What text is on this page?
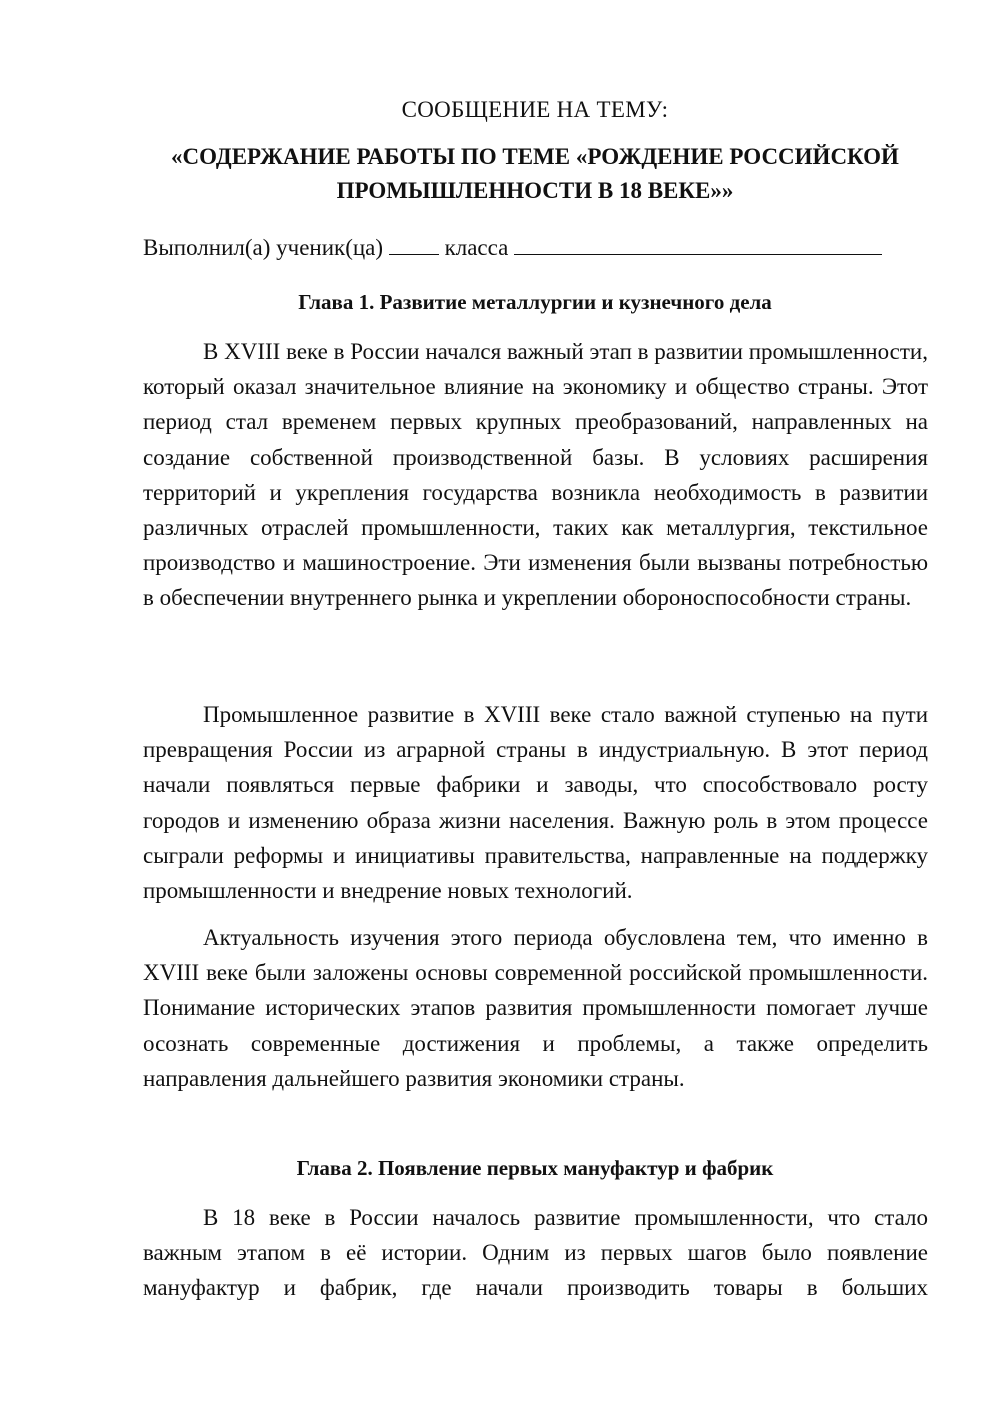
СООБЩЕНИЕ НА ТЕМУ:
«СОДЕРЖАНИЕ РАБОТЫ ПО ТЕМЕ «РОЖДЕНИЕ РОССИЙСКОЙ ПРОМЫШЛЕННОСТИ В 18 ВЕКЕ»»
Выполнил(а) ученик(ца)	класса
Глава 1. Развитие металлургии и кузнечного дела

В XVIII веке в России начался важный этап в развитии промышленности, который оказал значительное влияние на экономику и общество страны. Этот период стал временем первых крупных преобразований, направленных на создание собственной производственной базы. В условиях расширения территорий и укрепления государства возникла необходимость в развитии различных отраслей промышленности, таких как металлургия, текстильное производство и машиностроение. Эти изменения были вызваны потребностью в обеспечении внутреннего рынка и укреплении обороноспособности страны.

Промышленное развитие в XVIII веке стало важной ступенью на пути превращения России из аграрной страны в индустриальную. В этот период начали появляться первые фабрики и заводы, что способствовало росту городов и изменению образа жизни населения. Важную роль в этом процессе сыграли реформы и инициативы правительства, направленные на поддержку промышленности и внедрение новых технологий.

Актуальность изучения этого периода обусловлена тем, что именно в XVIII веке были заложены основы современной российской промышленности. Понимание исторических этапов развития промышленности помогает лучше осознать современные достижения и проблемы, а также определить направления дальнейшего развития экономики страны.

Глава 2. Появление первых мануфактур и фабрик

В 18 веке в России началось развитие промышленности, что стало важным этапом в её истории. Одним из первых шагов было появление мануфактур и фабрик, где начали производить товары в больших
